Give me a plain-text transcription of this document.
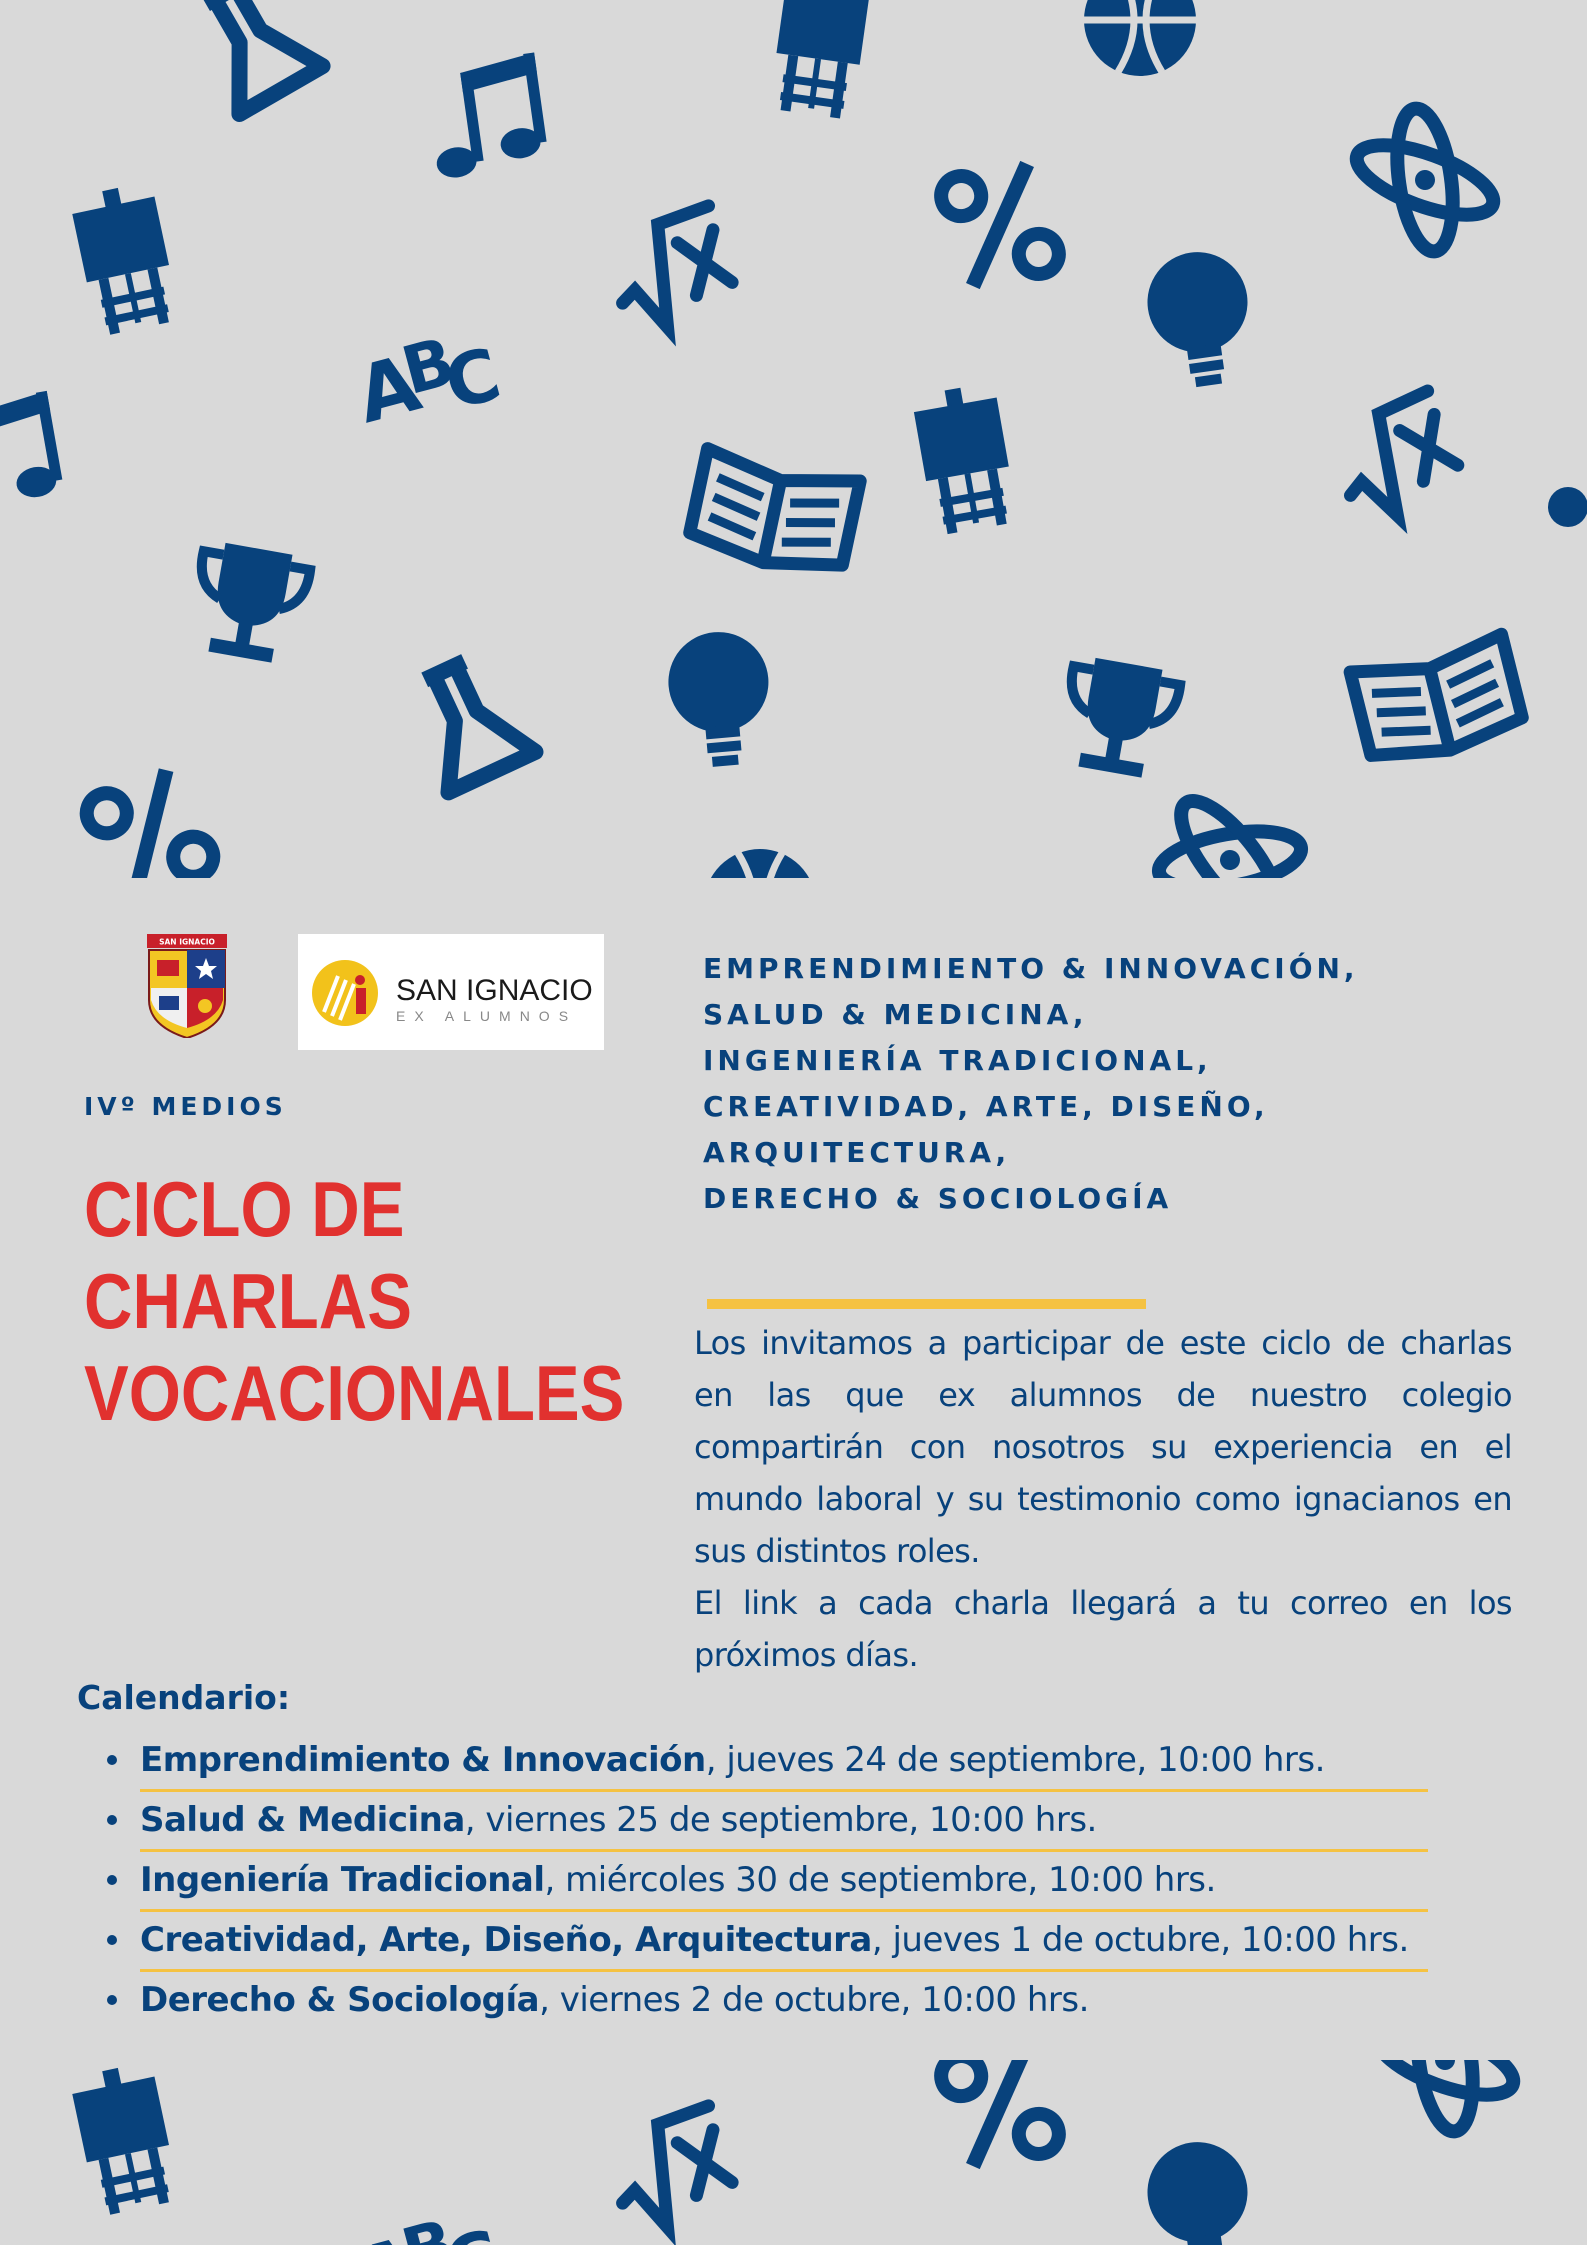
SAN IGNACIO
SAN IGNACIO
EX ALUMNOS
IVº MEDIOS
CICLO DE
CHARLAS
VOCACIONALES
EMPRENDIMIENTO & INNOVACIÓN,
SALUD & MEDICINA,
INGENIERÍA TRADICIONAL,
CREATIVIDAD, ARTE, DISEÑO,
ARQUITECTURA,
DERECHO & SOCIOLOGÍA

Los invitamos a participar de este ciclo de charlas en las que ex alumnos de nuestro colegio compartirán con nosotros su experiencia en el mundo laboral y su testimonio como ignacianos en sus distintos roles.

El link a cada charla llegará a tu correo en los próximos días.

Calendario:
Emprendimiento & Innovación, jueves 24 de septiembre, 10:00 hrs.
Salud & Medicina, viernes 25 de septiembre, 10:00 hrs.
Ingeniería Tradicional, miércoles 30 de septiembre, 10:00 hrs.
Creatividad, Arte, Diseño, Arquitectura, jueves 1 de octubre, 10:00 hrs.
Derecho & Sociología, viernes 2 de octubre, 10:00 hrs.
